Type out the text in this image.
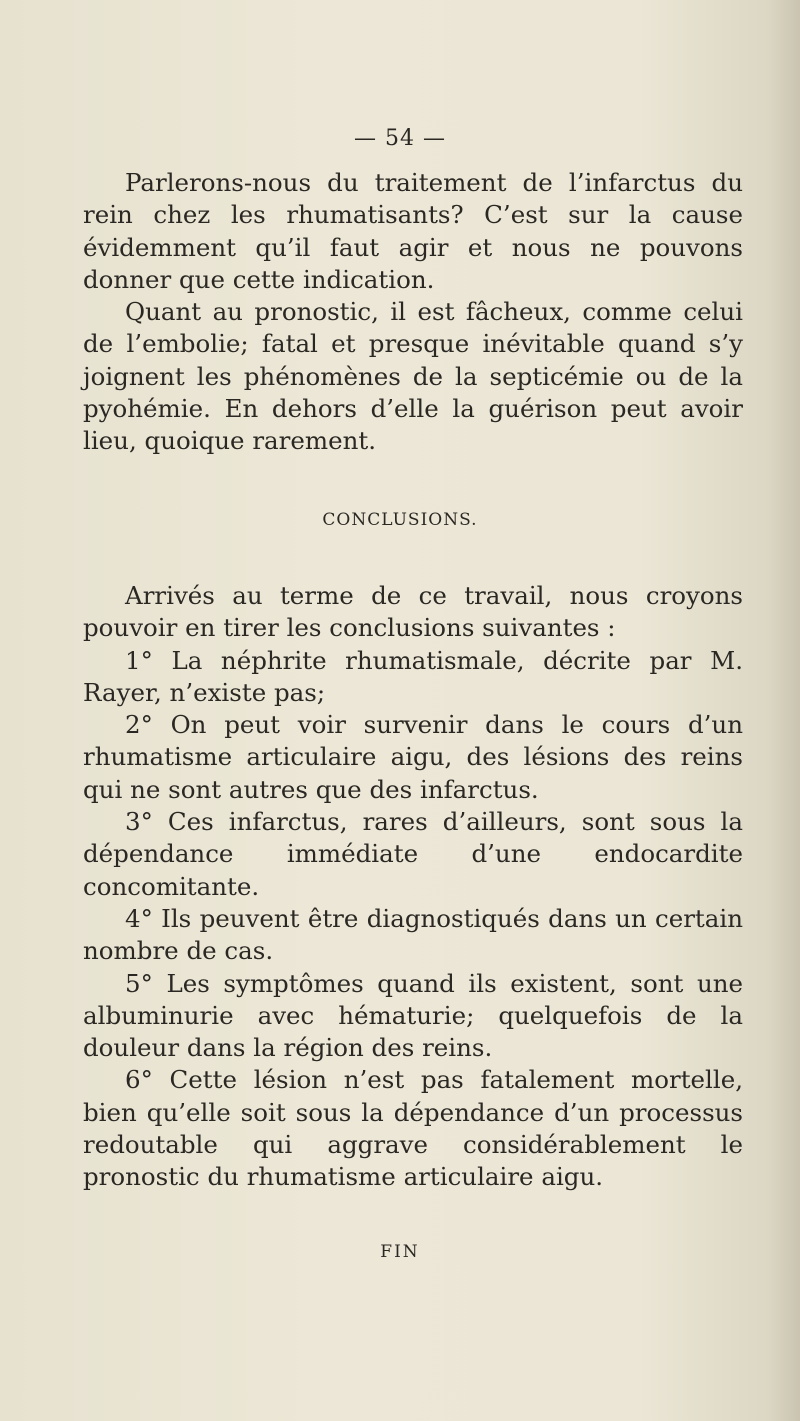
— 54 —

Parlerons-nous du traitement de l’infarctus du rein chez les rhumatisants? C’est sur la cause évidemment qu’il faut agir et nous ne pouvons donner que cette indication.

Quant au pronostic, il est fâcheux, comme celui de l’embolie; fatal et presque inévitable quand s’y joignent les phénomènes de la septicémie ou de la pyohémie. En dehors d’elle la guérison peut avoir lieu, quoique rarement.

CONCLUSIONS.

Arrivés au terme de ce travail, nous croyons pouvoir en tirer les conclusions suivantes :

1° La néphrite rhumatismale, décrite par M. Rayer, n’existe pas;

2° On peut voir survenir dans le cours d’un rhumatisme articulaire aigu, des lésions des reins qui ne sont autres que des infarctus.

3° Ces infarctus, rares d’ailleurs, sont sous la dépendance immédiate d’une endocardite concomitante.

4° Ils peuvent être diagnostiqués dans un certain nombre de cas.

5° Les symptômes quand ils existent, sont une albuminurie avec hématurie; quelquefois de la douleur dans la région des reins.

6° Cette lésion n’est pas fatalement mortelle, bien qu’elle soit sous la dépendance d’un processus redoutable qui aggrave considérablement le pronostic du rhumatisme articulaire aigu.

FIN
